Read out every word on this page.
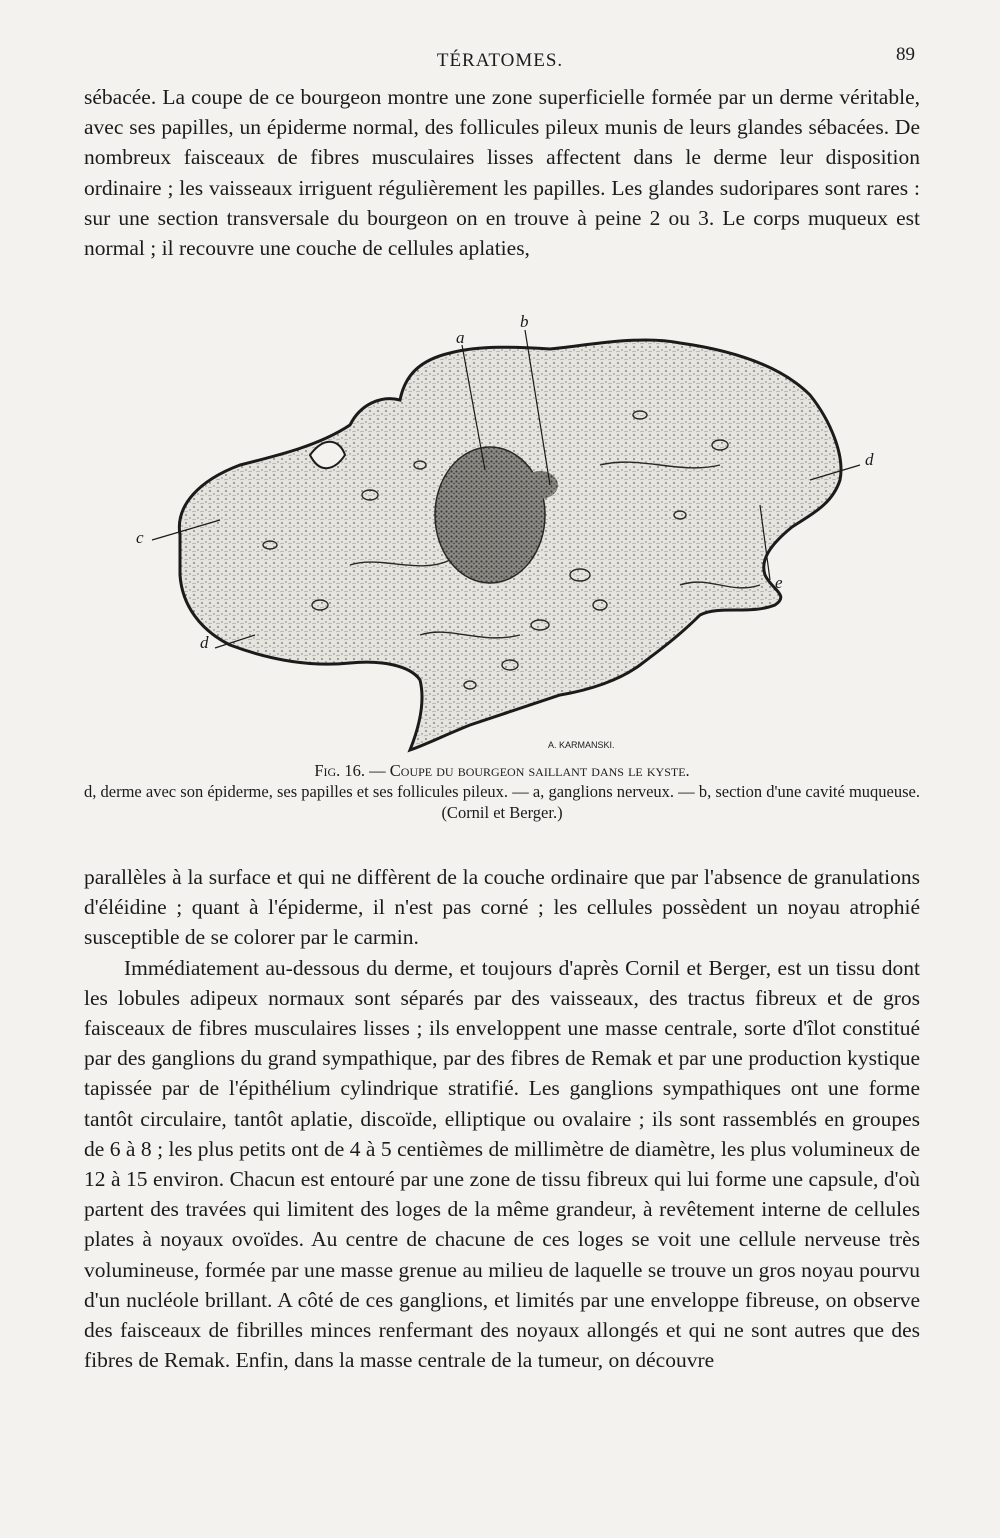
TÉRATOMES.	89

sébacée. La coupe de ce bourgeon montre une zone superficielle formée par un derme véritable, avec ses papilles, un épiderme normal, des follicules pileux munis de leurs glandes sébacées. De nombreux faisceaux de fibres musculaires lisses affectent dans le derme leur disposition ordinaire ; les vaisseaux irriguent régulièrement les papilles. Les glandes sudoripares sont rares : sur une section transversale du bourgeon on en trouve à peine 2 ou 3. Le corps muqueux est normal ; il recouvre une couche de cellules aplaties,

a
b
c
d
d
e
A. KARMANSKI.
Fig. 16. — Coupe du bourgeon saillant dans le kyste.
d, derme avec son épiderme, ses papilles et ses follicules pileux. — a, ganglions nerveux. — b, section d'une cavité muqueuse. (Cornil et Berger.)

parallèles à la surface et qui ne diffèrent de la couche ordinaire que par l'absence de granulations d'éléidine ; quant à l'épiderme, il n'est pas corné ; les cellules possèdent un noyau atrophié susceptible de se colorer par le carmin.

Immédiatement au-dessous du derme, et toujours d'après Cornil et Berger, est un tissu dont les lobules adipeux normaux sont séparés par des vaisseaux, des tractus fibreux et de gros faisceaux de fibres musculaires lisses ; ils enveloppent une masse centrale, sorte d'îlot constitué par des ganglions du grand sympathique, par des fibres de Remak et par une production kystique tapissée par de l'épithélium cylindrique stratifié. Les ganglions sympathiques ont une forme tantôt circulaire, tantôt aplatie, discoïde, elliptique ou ovalaire ; ils sont rassemblés en groupes de 6 à 8 ; les plus petits ont de 4 à 5 centièmes de millimètre de diamètre, les plus volumineux de 12 à 15 environ. Chacun est entouré par une zone de tissu fibreux qui lui forme une capsule, d'où partent des travées qui limitent des loges de la même grandeur, à revêtement interne de cellules plates à noyaux ovoïdes. Au centre de chacune de ces loges se voit une cellule nerveuse très volumineuse, formée par une masse grenue au milieu de laquelle se trouve un gros noyau pourvu d'un nucléole brillant. A côté de ces ganglions, et limités par une enveloppe fibreuse, on observe des faisceaux de fibrilles minces renfermant des noyaux allongés et qui ne sont autres que des fibres de Remak. Enfin, dans la masse centrale de la tumeur, on découvre
